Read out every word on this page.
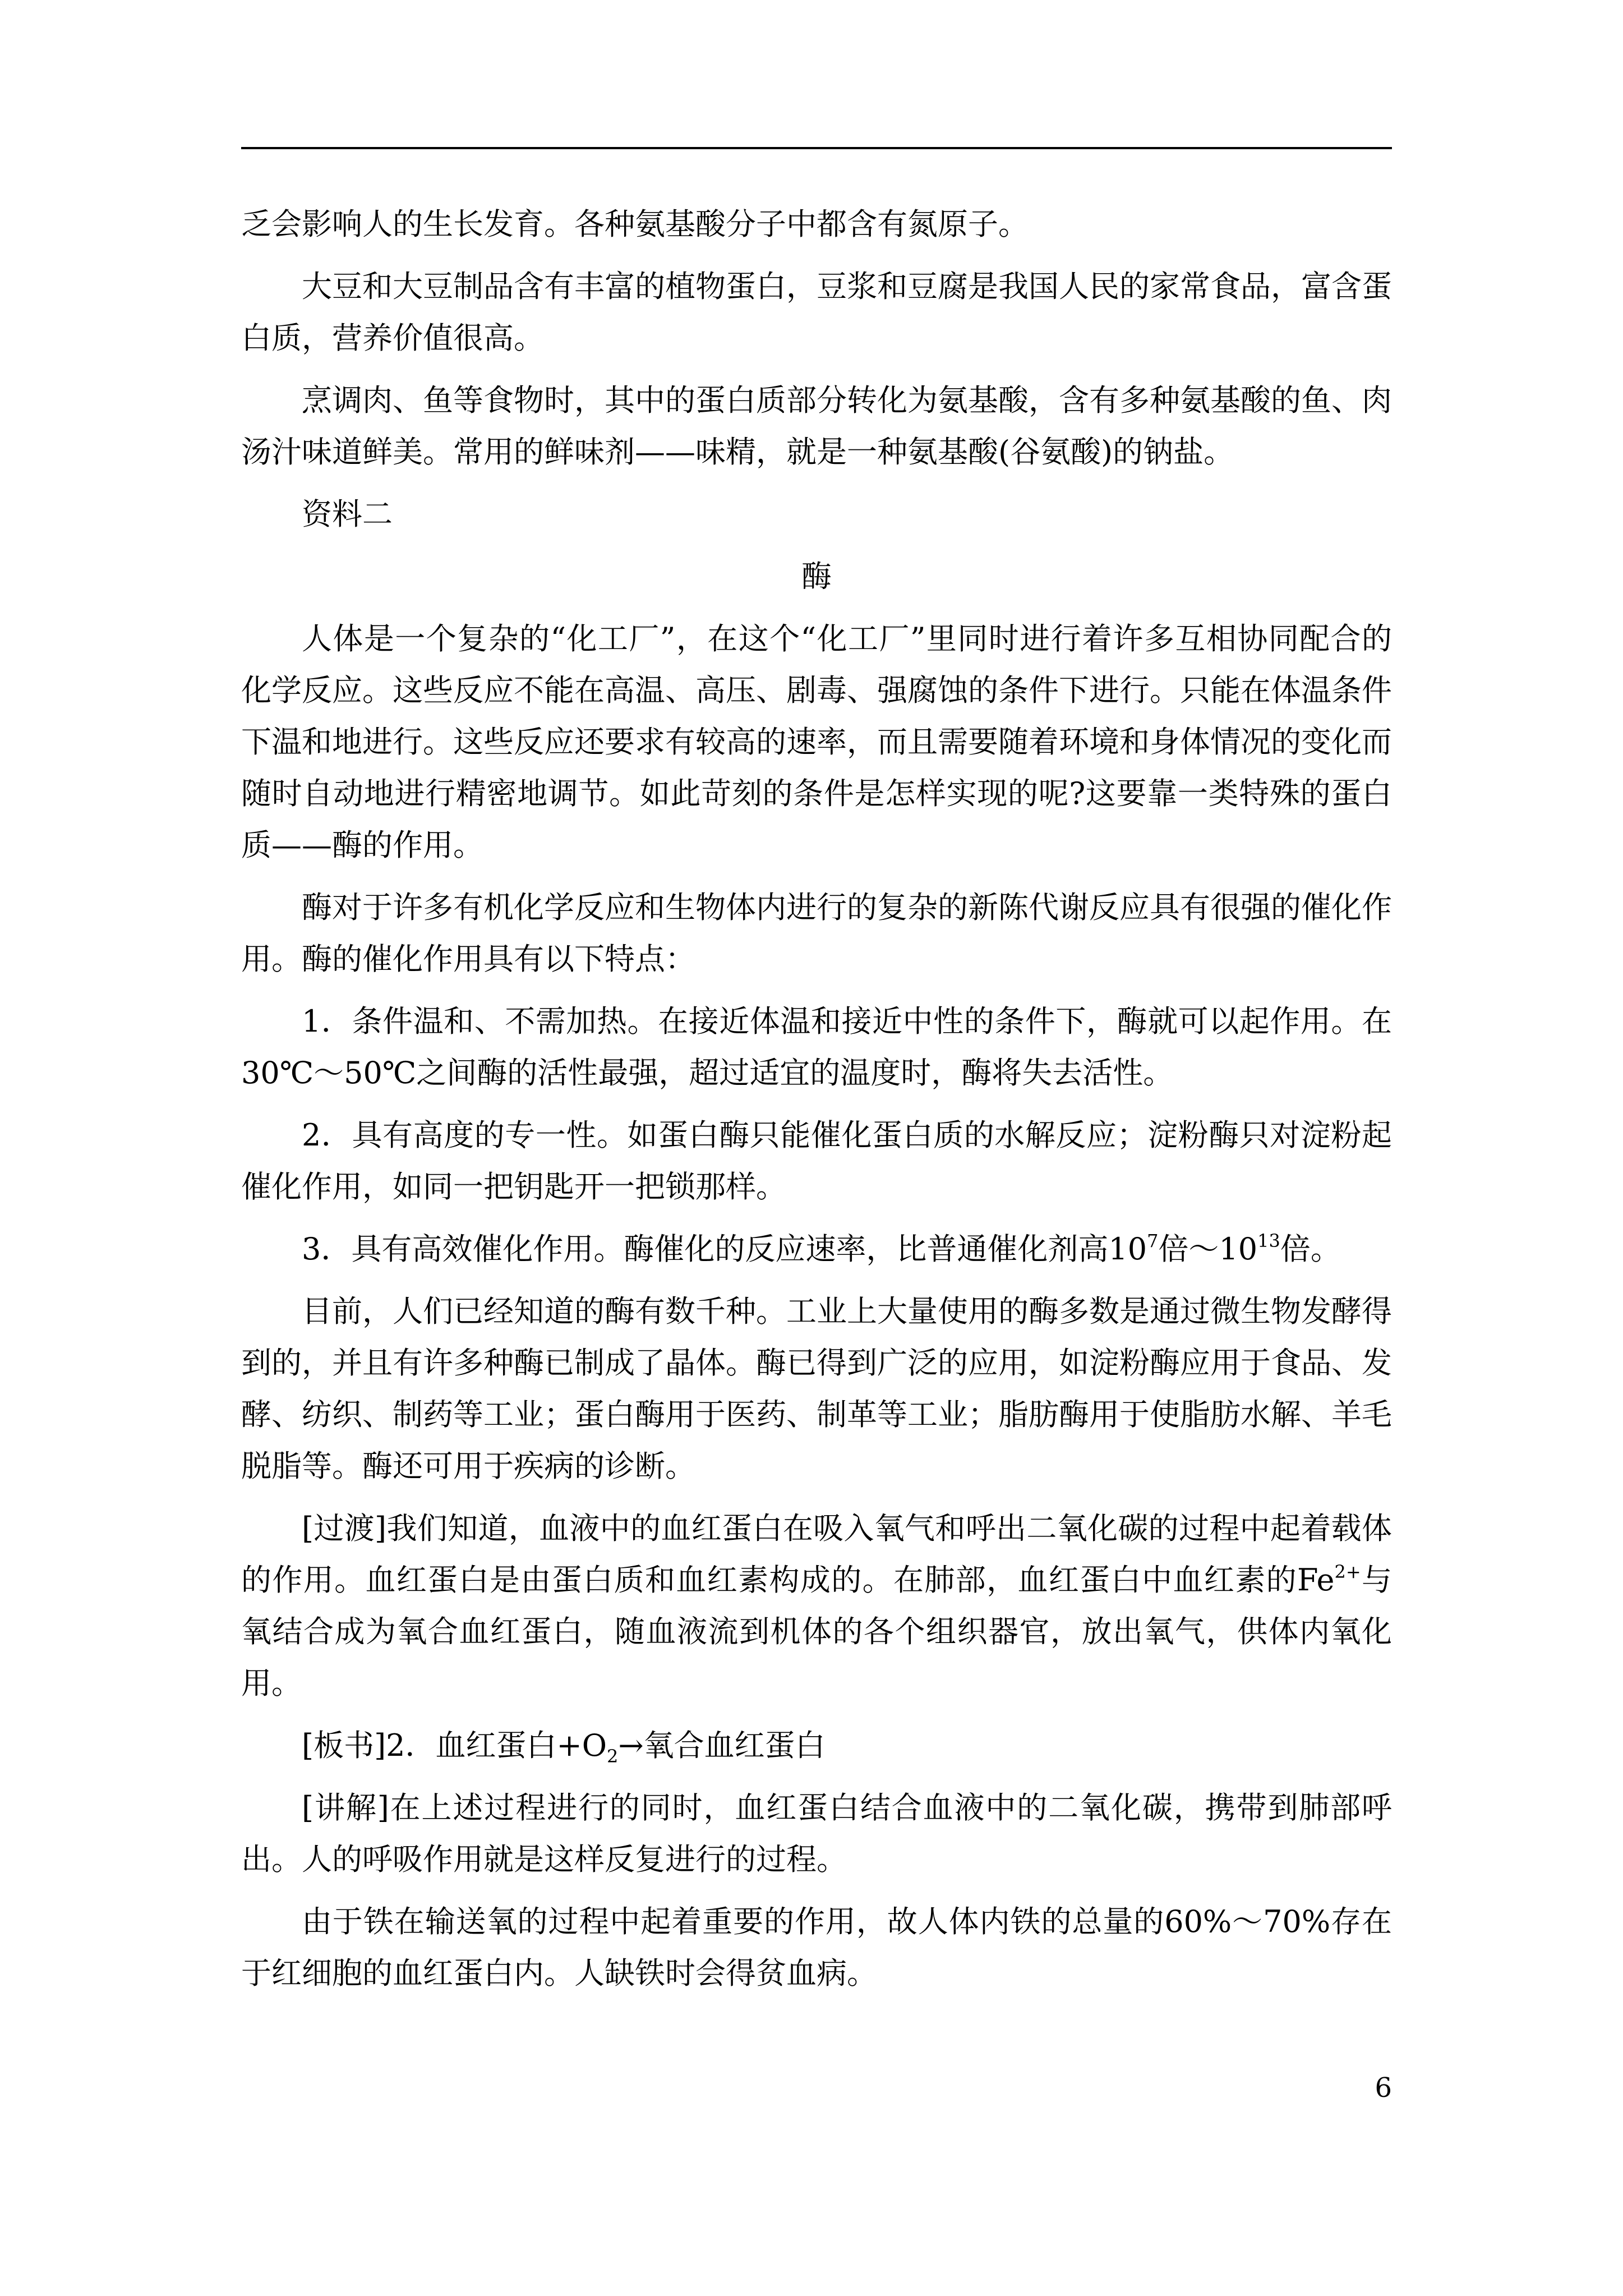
乏会影响人的生长发育。各种氨基酸分子中都含有氮原子。

大豆和大豆制品含有丰富的植物蛋白，豆浆和豆腐是我国人民的家常食品，富含蛋白质，营养价值很高。

烹调肉、鱼等食物时，其中的蛋白质部分转化为氨基酸，含有多种氨基酸的鱼、肉汤汁味道鲜美。常用的鲜味剂——味精，就是一种氨基酸(谷氨酸)的钠盐。

资料二

酶

人体是一个复杂的“化工厂”，在这个“化工厂”里同时进行着许多互相协同配合的化学反应。这些反应不能在高温、高压、剧毒、强腐蚀的条件下进行。只能在体温条件下温和地进行。这些反应还要求有较高的速率，而且需要随着环境和身体情况的变化而随时自动地进行精密地调节。如此苛刻的条件是怎样实现的呢?这要靠一类特殊的蛋白质——酶的作用。

酶对于许多有机化学反应和生物体内进行的复杂的新陈代谢反应具有很强的催化作用。酶的催化作用具有以下特点：

1．条件温和、不需加热。在接近体温和接近中性的条件下，酶就可以起作用。在30℃～50℃之间酶的活性最强，超过适宜的温度时，酶将失去活性。

2．具有高度的专一性。如蛋白酶只能催化蛋白质的水解反应；淀粉酶只对淀粉起催化作用，如同一把钥匙开一把锁那样。

3．具有高效催化作用。酶催化的反应速率，比普通催化剂高$10^7$倍$\sim 10^{13}$倍。

目前，人们已经知道的酶有数千种。工业上大量使用的酶多数是通过微生物发酵得到的，并且有许多种酶已制成了晶体。酶已得到广泛的应用，如淀粉酶应用于食品、发酵、纺织、制药等工业；蛋白酶用于医药、制革等工业；脂肪酶用于使脂肪水解、羊毛脱脂等。酶还可用于疾病的诊断。

[过渡]我们知道，血液中的血红蛋白在吸入氧气和呼出二氧化碳的过程中起着载体的作用。血红蛋白是由蛋白质和血红素构成的。在肺部，血红蛋白中血红素的$Fe^{2+}$与氧结合成为氧合血红蛋白，随血液流到机体的各个组织器官，放出氧气，供体内氧化用。

[板书]2．血红蛋白$+O_2\to$氧合血红蛋白

[讲解]在上述过程进行的同时，血红蛋白结合血液中的二氧化碳，携带到肺部呼出。人的呼吸作用就是这样反复进行的过程。

由于铁在输送氧的过程中起着重要的作用，故人体内铁的总量的60%～70%存在于红细胞的血红蛋白内。人缺铁时会得贫血病。

6
